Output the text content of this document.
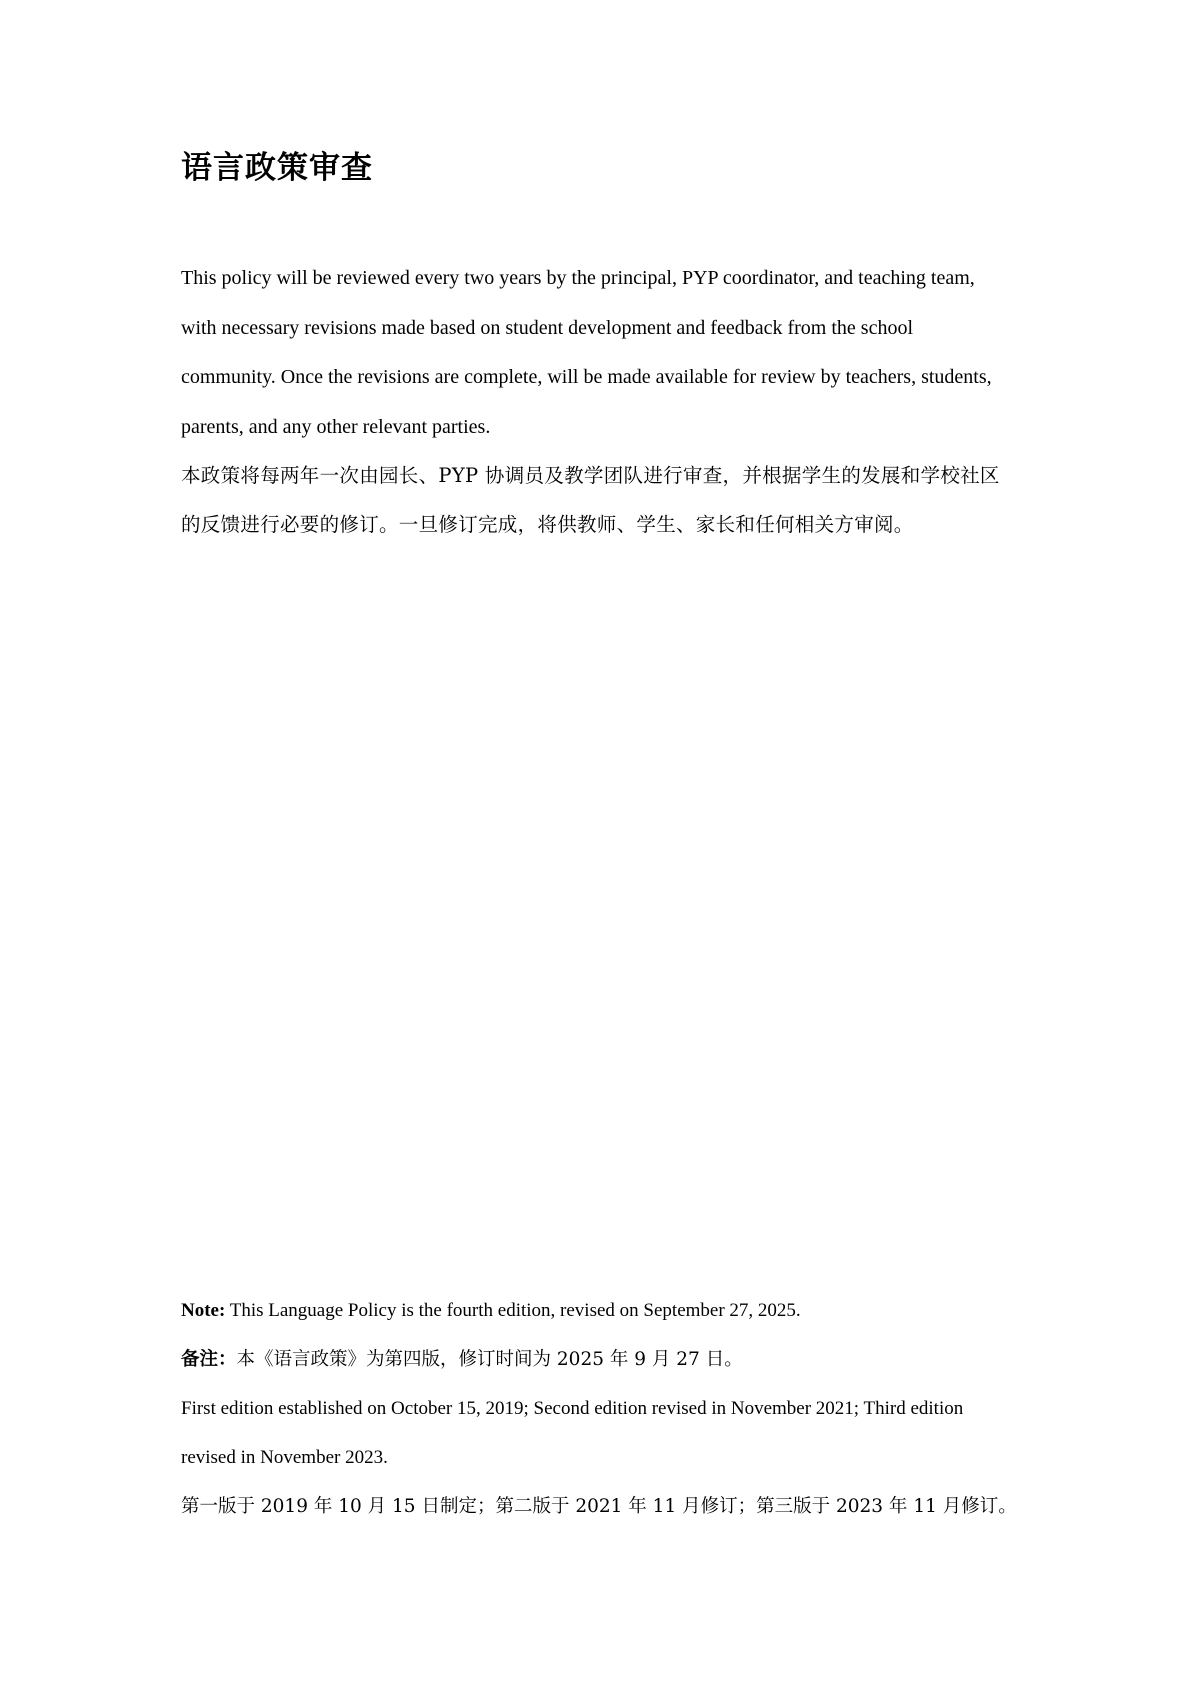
语言政策审查

This policy will be reviewed every two years by the principal, PYP coordinator, and teaching team, with necessary revisions made based on student development and feedback from the school community. Once the revisions are complete, will be made available for review by teachers, students, parents, and any other relevant parties.

本政策将每两年一次由园长、PYP 协调员及教学团队进行审查，并根据学生的发展和学校社区的反馈进行必要的修订。一旦修订完成，将供教师、学生、家长和任何相关方审阅。

Note: This Language Policy is the fourth edition, revised on September 27, 2025.

备注：本《语言政策》为第四版，修订时间为 2025 年 9 月 27 日。

First edition established on October 15, 2019; Second edition revised in November 2021; Third edition revised in November 2023.

第一版于 2019 年 10 月 15 日制定；第二版于 2021 年 11 月修订；第三版于 2023 年 11 月修订。
